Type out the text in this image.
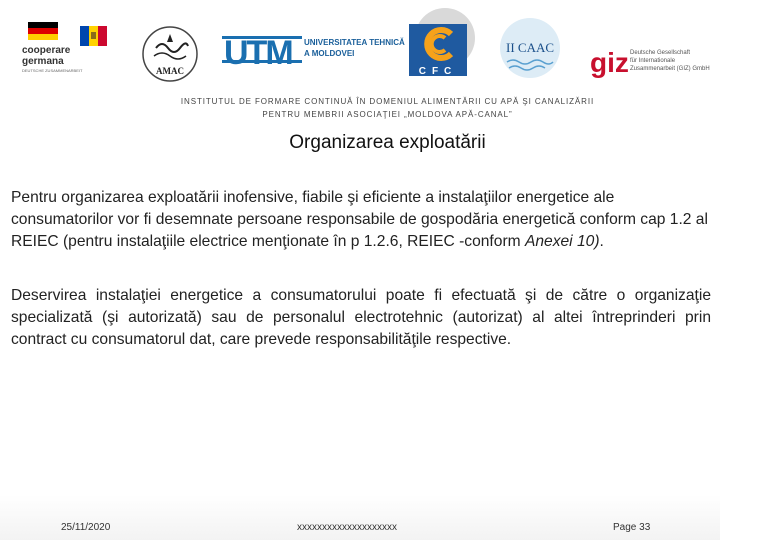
cooperare
germana
DEUTSCHE ZUSAMMENARBEIT	AMAC UTM UNIVERSITATEA TEHNICĂ
A MOLDOVEI
CFC
II CAAC giz Deutsche Gesellschaft
für Internationale
Zusammenarbeit (GIZ) GmbH
INSTITUTUL DE FORMARE CONTINUĂ ÎN DOMENIUL ALIMENTĂRII CU APĂ ŞI CANALIZĂRII
PENTRU MEMBRII ASOCIAŢIEI „MOLDOVA APĂ-CANAL”
Organizarea exploatării

Pentru organizarea exploatării inofensive, fiabile şi eficiente a instalaţiilor energetice ale consumatorilor vor fi desemnate persoane responsabile de gospodăria energetică conform cap 1.2 al REIEC (pentru instalaţiile electrice menţionate în p 1.2.6, REIEC -conform Anexei 10).

Deservirea instalaţiei energetice a consumatorului poate fi efectuată şi de către o organizaţie specializată (şi autorizată) sau de personalul electrotehnic (autorizat) al altei întreprinderi prin contract cu consumatorul dat, care prevede responsabilităţile respective.

25/11/2020	xxxxxxxxxxxxxxxxxxxx	Page 33
